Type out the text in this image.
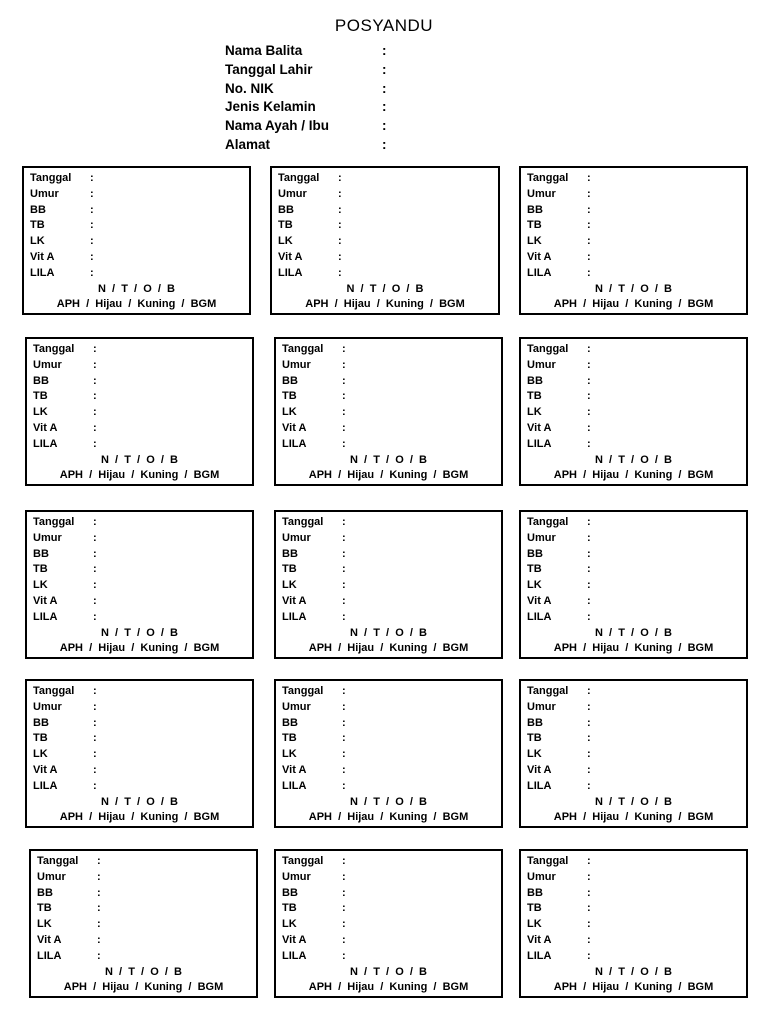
POSYANDU
Nama Balita	:
Tanggal Lahir	:
No. NIK	:
Jenis Kelamin	:
Nama Ayah / Ibu	:
Alamat	:
Tanggal :
Umur	:
BB	:
TB	:
LK	:
Vit A	:
LILA	:
N  /  T  /  O  /  B
APH  /  Hijau  /  Kuning  /  BGM
Tanggal :
Umur	:
BB	:
TB	:
LK	:
Vit A	:
LILA	:
N  /  T  /  O  /  B
APH  /  Hijau  /  Kuning  /  BGM
Tanggal :
Umur	:
BB	:
TB	:
LK	:
Vit A	:
LILA	:
N  /  T  /  O  /  B
APH  /  Hijau  /  Kuning  /  BGM
Tanggal :
Umur	:
BB	:
TB	:
LK	:
Vit A	:
LILA	:
N  /  T  /  O  /  B
APH  /  Hijau  /  Kuning  /  BGM
Tanggal :
Umur	:
BB	:
TB	:
LK	:
Vit A	:
LILA	:
N  /  T  /  O  /  B
APH  /  Hijau  /  Kuning  /  BGM
Tanggal :
Umur	:
BB	:
TB	:
LK	:
Vit A	:
LILA	:
N  /  T  /  O  /  B
APH  /  Hijau  /  Kuning  /  BGM
Tanggal :
Umur	:
BB	:
TB	:
LK	:
Vit A	:
LILA	:
N  /  T  /  O  /  B
APH  /  Hijau  /  Kuning  /  BGM
Tanggal :
Umur	:
BB	:
TB	:
LK	:
Vit A	:
LILA	:
N  /  T  /  O  /  B
APH  /  Hijau  /  Kuning  /  BGM
Tanggal :
Umur	:
BB	:
TB	:
LK	:
Vit A	:
LILA	:
N  /  T  /  O  /  B
APH  /  Hijau  /  Kuning  /  BGM
Tanggal :
Umur	:
BB	:
TB	:
LK	:
Vit A	:
LILA	:
N  /  T  /  O  /  B
APH  /  Hijau  /  Kuning  /  BGM
Tanggal :
Umur	:
BB	:
TB	:
LK	:
Vit A	:
LILA	:
N  /  T  /  O  /  B
APH  /  Hijau  /  Kuning  /  BGM
Tanggal :
Umur	:
BB	:
TB	:
LK	:
Vit A	:
LILA	:
N  /  T  /  O  /  B
APH  /  Hijau  /  Kuning  /  BGM
Tanggal :
Umur	:
BB	:
TB	:
LK	:
Vit A	:
LILA	:
N  /  T  /  O  /  B
APH  /  Hijau  /  Kuning  /  BGM
Tanggal :
Umur	:
BB	:
TB	:
LK	:
Vit A	:
LILA	:
N  /  T  /  O  /  B
APH  /  Hijau  /  Kuning  /  BGM
Tanggal :
Umur	:
BB	:
TB	:
LK	:
Vit A	:
LILA	:
N  /  T  /  O  /  B
APH  /  Hijau  /  Kuning  /  BGM
